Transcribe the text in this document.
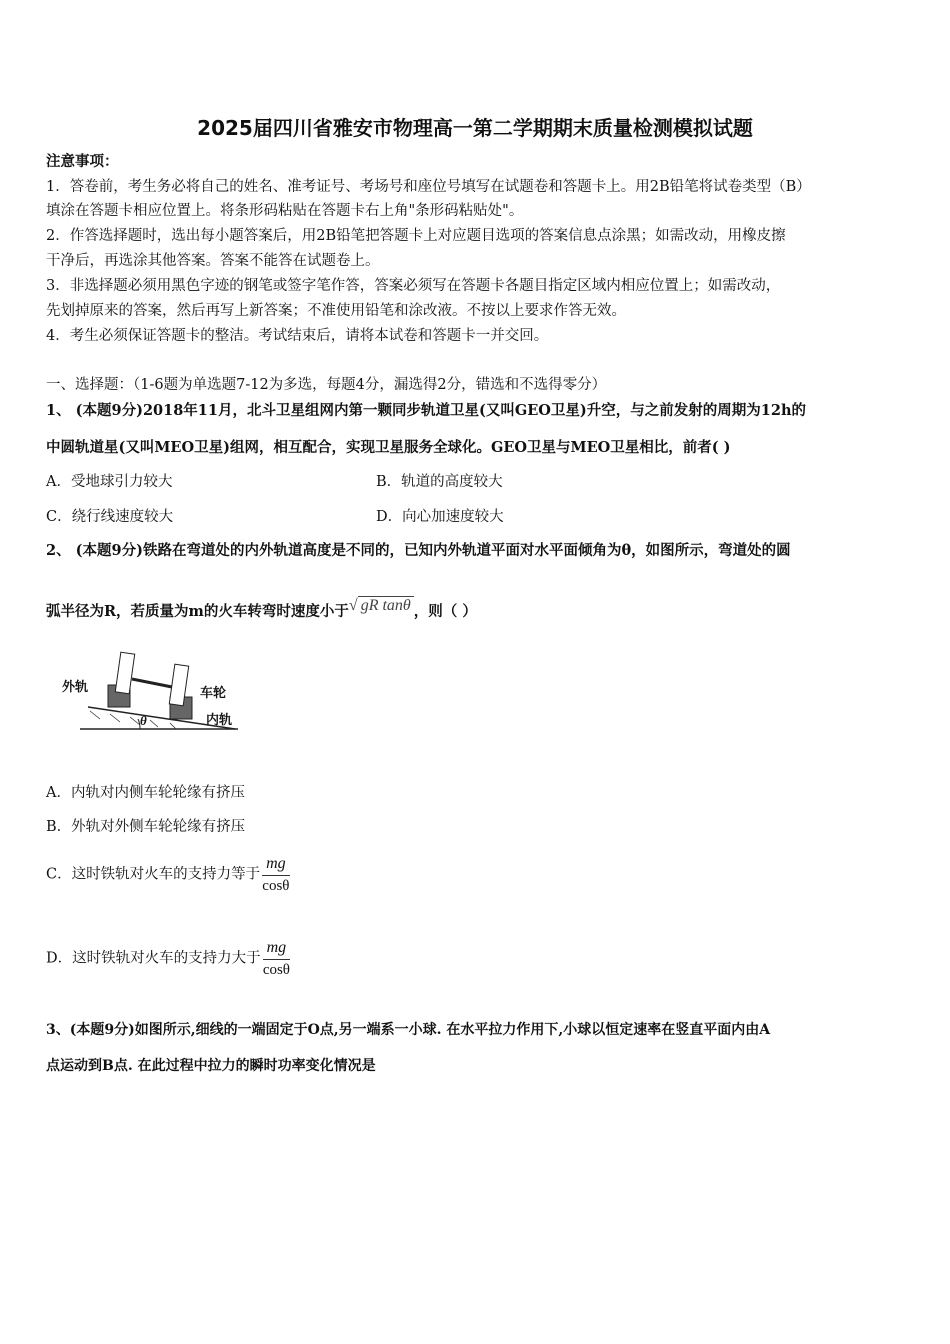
2025届四川省雅安市物理高一第二学期期末质量检测模拟试题
注意事项：
1．答卷前，考生务必将自己的姓名、准考证号、考场号和座位号填写在试题卷和答题卡上。用2B铅笔将试卷类型（B）
填涂在答题卡相应位置上。将条形码粘贴在答题卡右上角"条形码粘贴处"。
2．作答选择题时，选出每小题答案后，用2B铅笔把答题卡上对应题目选项的答案信息点涂黑；如需改动，用橡皮擦
干净后，再选涂其他答案。答案不能答在试题卷上。
3．非选择题必须用黑色字迹的钢笔或签字笔作答，答案必须写在答题卡各题目指定区域内相应位置上；如需改动，
先划掉原来的答案，然后再写上新答案；不准使用铅笔和涂改液。不按以上要求作答无效。
4．考生必须保证答题卡的整洁。考试结束后，请将本试卷和答题卡一并交回。
一、选择题：（1-6题为单选题7-12为多选，每题4分，漏选得2分，错选和不选得零分）
1、 (本题9分)2018年11月，北斗卫星组网内第一颗同步轨道卫星(又叫GEO卫星)升空，与之前发射的周期为12h的
中圆轨道星(又叫MEO卫星)组网，相互配合，实现卫星服务全球化。GEO卫星与MEO卫星相比，前者( )
A．受地球引力较大	B．轨道的高度较大
C．绕行线速度较大	D．向心加速度较大
2、 (本题9分)铁路在弯道处的内外轨道高度是不同的，已知内外轨道平面对水平面倾角为θ，如图所示，弯道处的圆
弧半径为R，若质量为m的火车转弯时速度小于√ gR tanθ ，则（ ）
外轨	车轮
内轨
θ
A．内轨对内侧车轮轮缘有挤压
B．外轨对外侧车轮轮缘有挤压
C．这时铁轨对火车的支持力等于 $\frac{mg}{\cos\theta}$
D．这时铁轨对火车的支持力大于 $\frac{mg}{\cos\theta}$
3、(本题9分)如图所示,细线的一端固定于O点,另一端系一小球. 在水平拉力作用下,小球以恒定速率在竖直平面内由A
点运动到B点. 在此过程中拉力的瞬时功率变化情况是
